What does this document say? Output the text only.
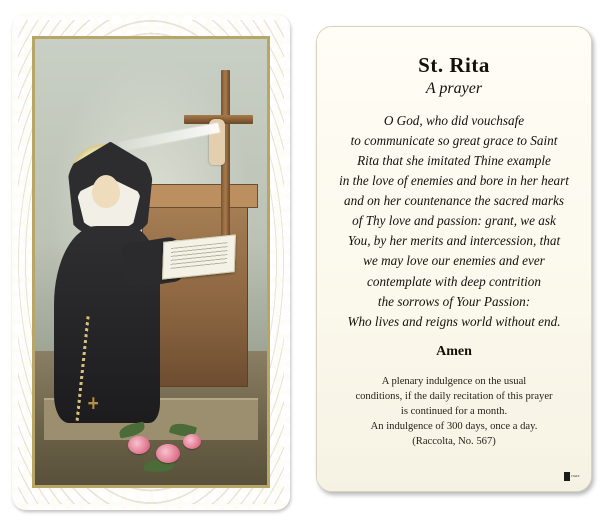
St. Rita
A prayer
O God, who did vouchsafe
to communicate so great grace to Saint
Rita that she imitated Thine example
in the love of enemies and bore in her heart
and on her countenance the sacred marks
of Thy love and passion: grant, we ask
You, by her merits and intercession, that
we may love our enemies and ever
contemplate with deep contrition
the sorrows of Your Passion:
Who lives and reigns world without end.
Amen
A plenary indulgence on the usual
conditions, if the daily recitation of this prayer
is continued for a month.
An indulgence of 300 days, once a day.
(Raccolta, No. 567)
ITALY
